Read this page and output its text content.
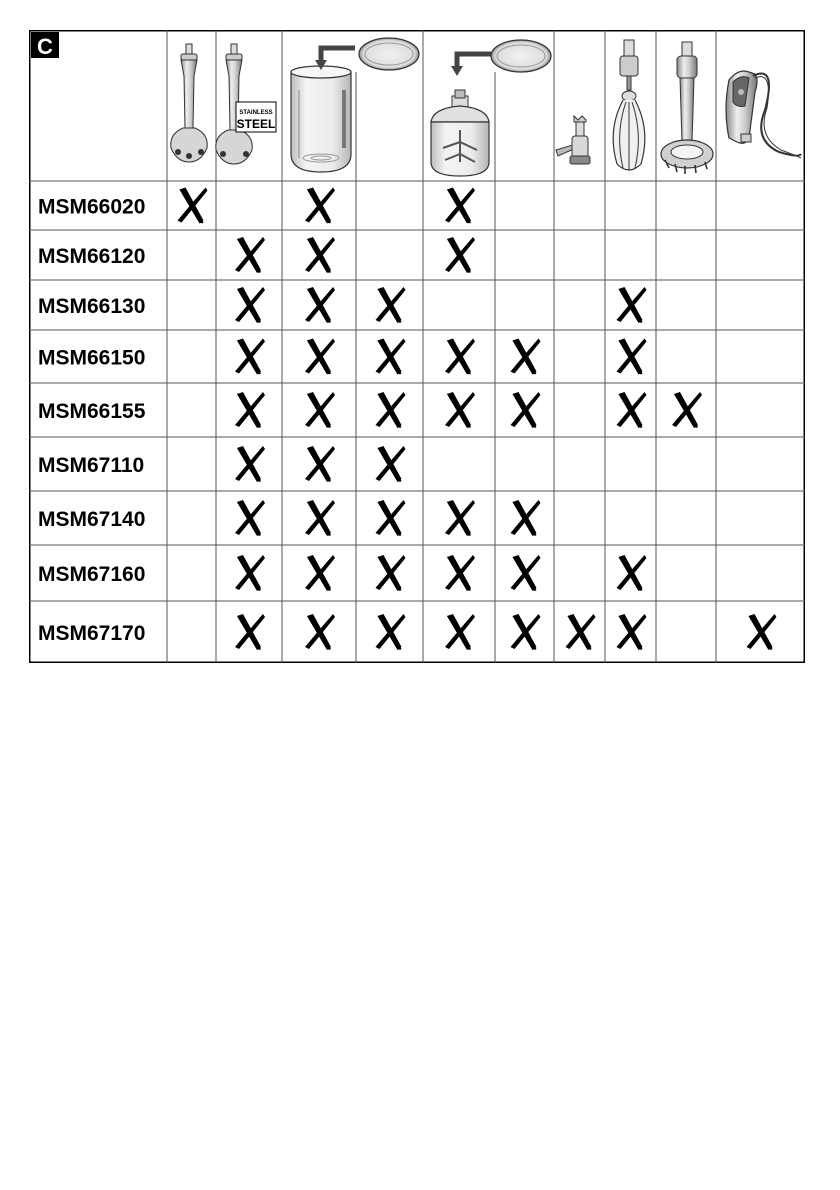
C
STAINLESS
STEEL
MSM66020
MSM66120
MSM66130
MSM66150
MSM66155
MSM67110
MSM67140
MSM67160
MSM67170
